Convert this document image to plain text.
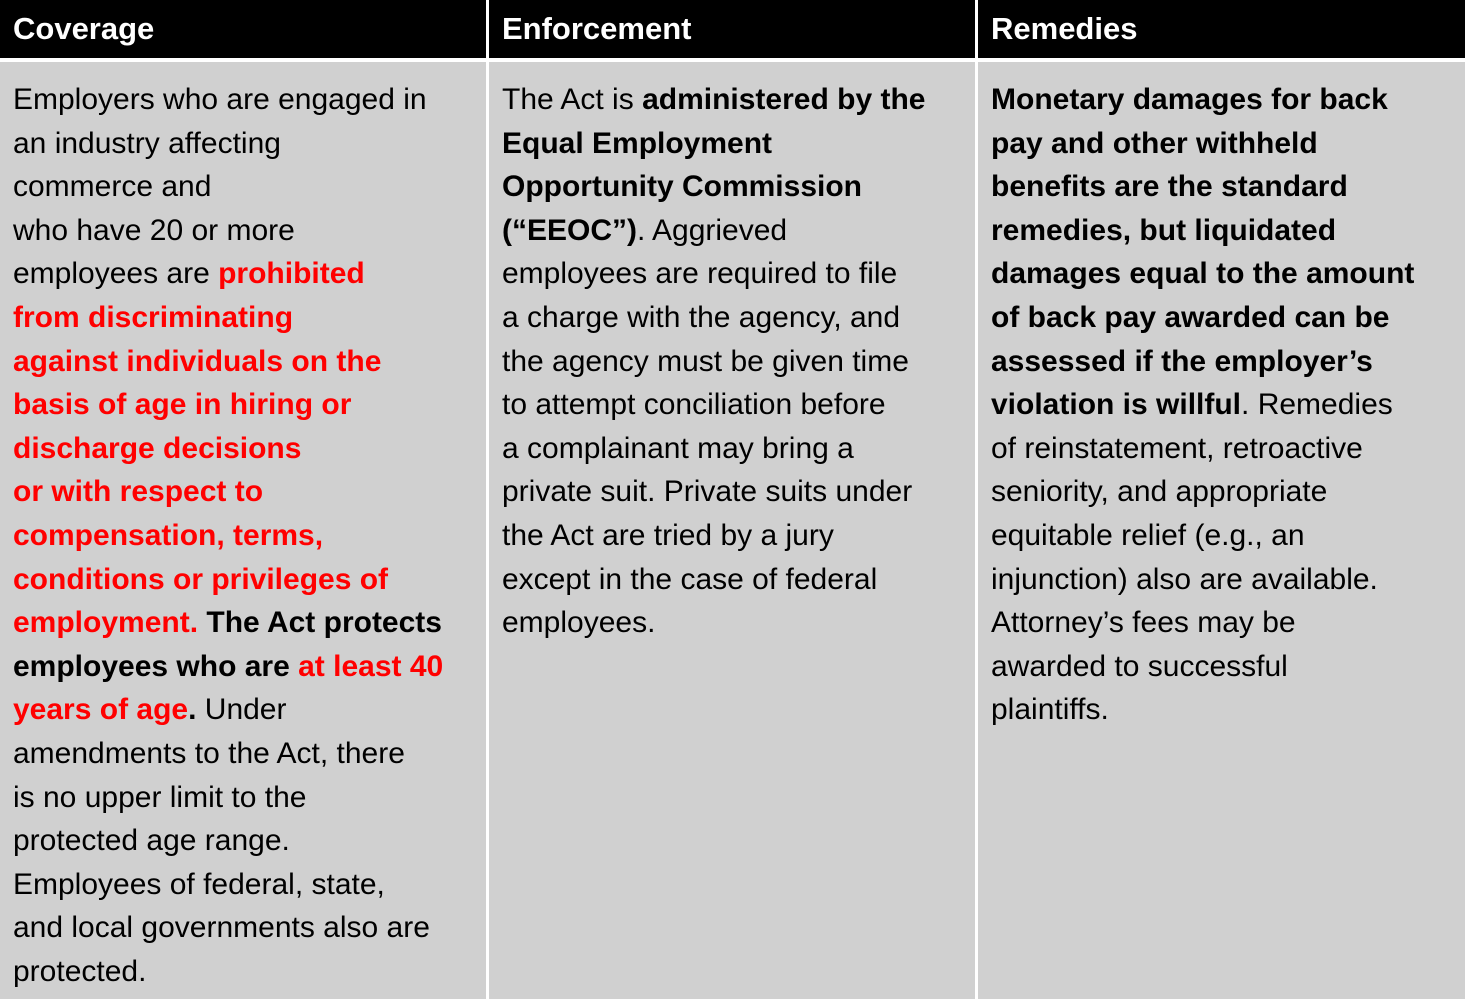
Coverage	Enforcement	Remedies

Employers who are engaged in

an industry affecting

commerce and

who have 20 or more

employees are prohibited

from discriminating

against individuals on the

basis of age in hiring or

discharge decisions

or with respect to

compensation, terms,

conditions or privileges of

employment. The Act protects

employees who are at least 40

years of age. Under

amendments to the Act, there

is no upper limit to the

protected age range.

Employees of federal, state,

and local governments also are

protected.

The Act is administered by the

Equal Employment

Opportunity Commission

(“EEOC”). Aggrieved

employees are required to file

a charge with the agency, and

the agency must be given time

to attempt conciliation before

a complainant may bring a

private suit. Private suits under

the Act are tried by a jury

except in the case of federal

employees.

Monetary damages for back

pay and other withheld

benefits are the standard

remedies, but liquidated

damages equal to the amount

of back pay awarded can be

assessed if the employer’s

violation is willful. Remedies

of reinstatement, retroactive

seniority, and appropriate

equitable relief (e.g., an

injunction) also are available.

Attorney’s fees may be

awarded to successful

plaintiffs.
